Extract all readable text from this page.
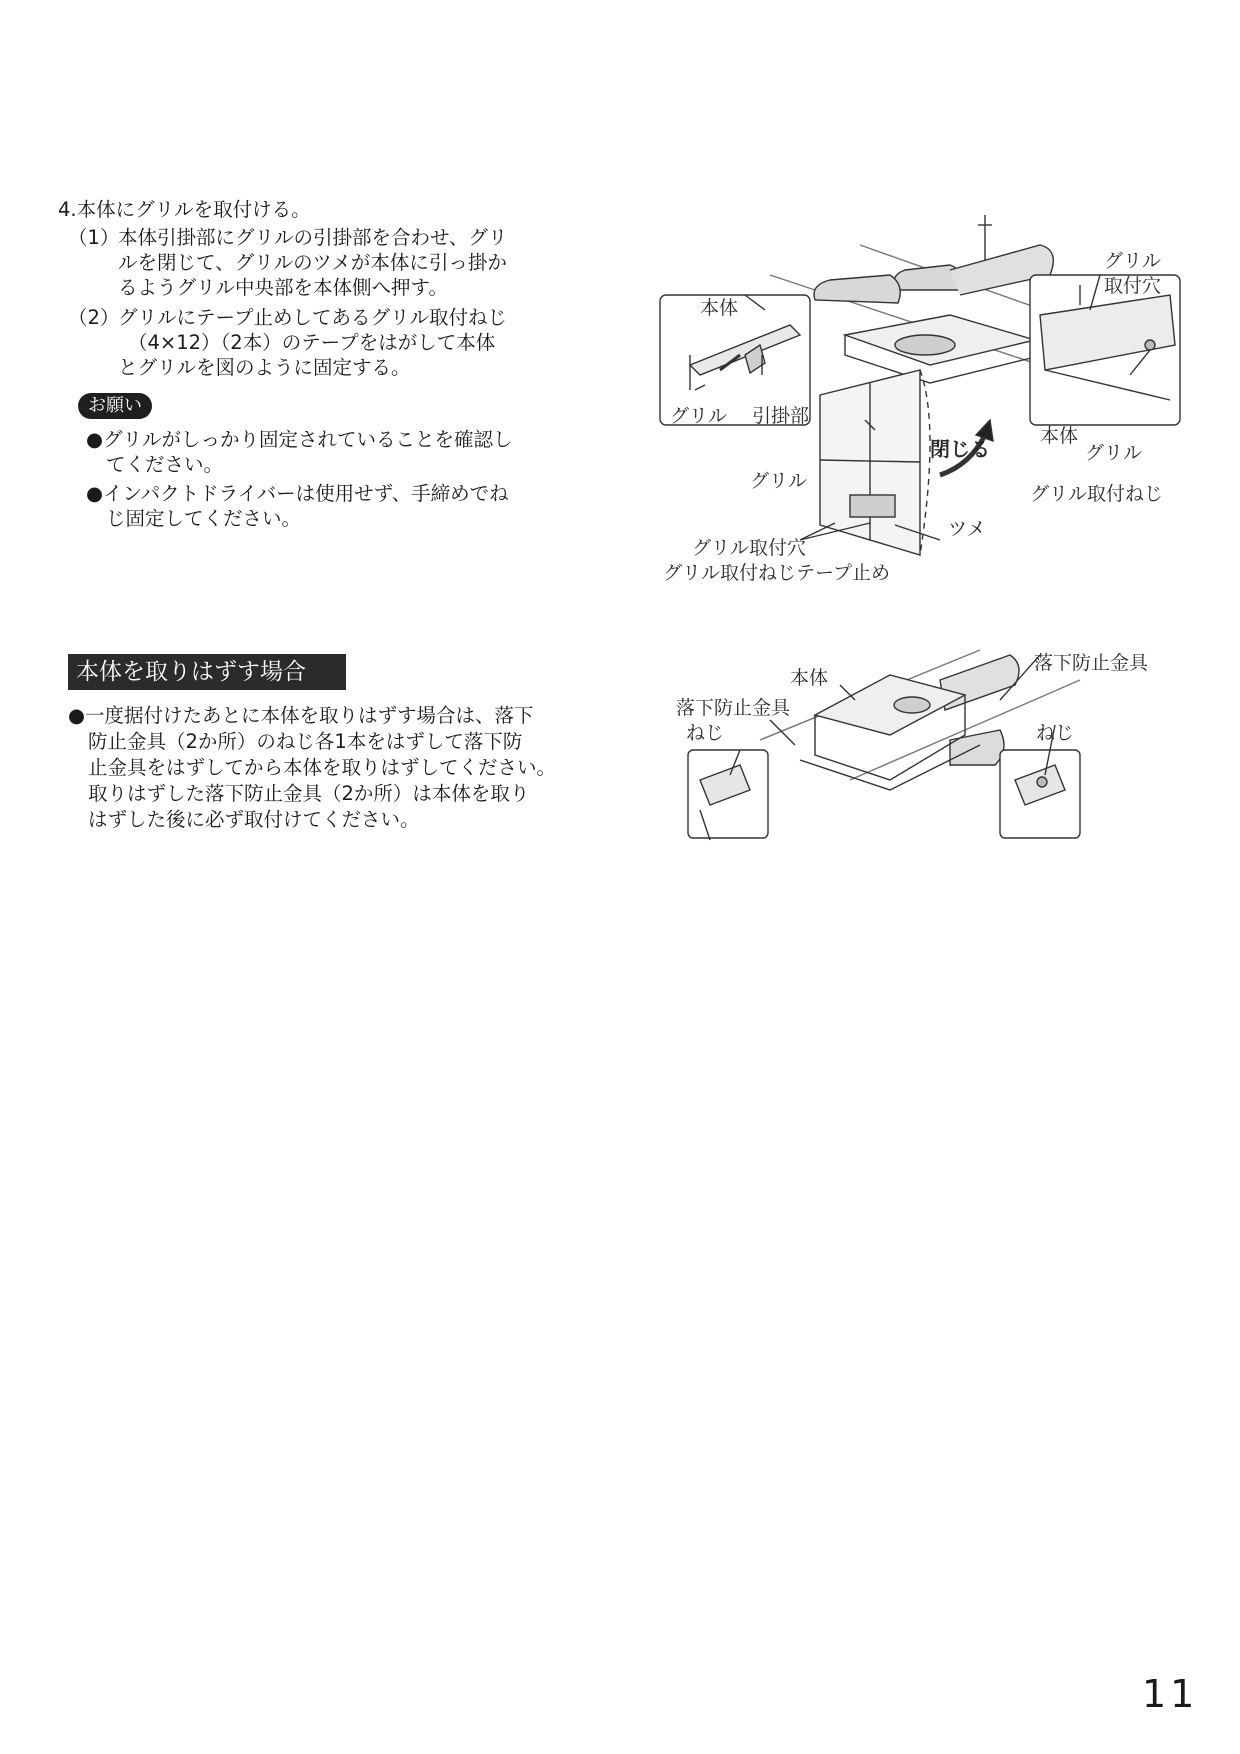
4.本体にグリルを取付ける。
（1）本体引掛部にグリルの引掛部を合わせ、グリ
ルを閉じて、グリルのツメが本体に引っ掛か
るようグリル中央部を本体側へ押す。
（2）グリルにテープ止めしてあるグリル取付ねじ
（4×12）（2本）のテープをはがして本体
とグリルを図のように固定する。
お願い
●グリルがしっかり固定されていることを確認し
てください。
●インパクトドライバーは使用せず、手締めでね
じ固定してください。
本体を取りはずす場合
●一度据付けたあとに本体を取りはずす場合は、落下
防止金具（2か所）のねじ各1本をはずして落下防
止金具をはずしてから本体を取りはずしてください。
取りはずした落下防止金具（2か所）は本体を取り
はずした後に必ず取付けてください。
本体
グリル 引掛部
グリル
閉じる
ツメ
グリル取付穴
グリル取付ねじテープ止め
グリル
取付穴
本体
グリル
グリル取付ねじ
本体
落下防止金具
ねじ
落下防止金具
ねじ
11
